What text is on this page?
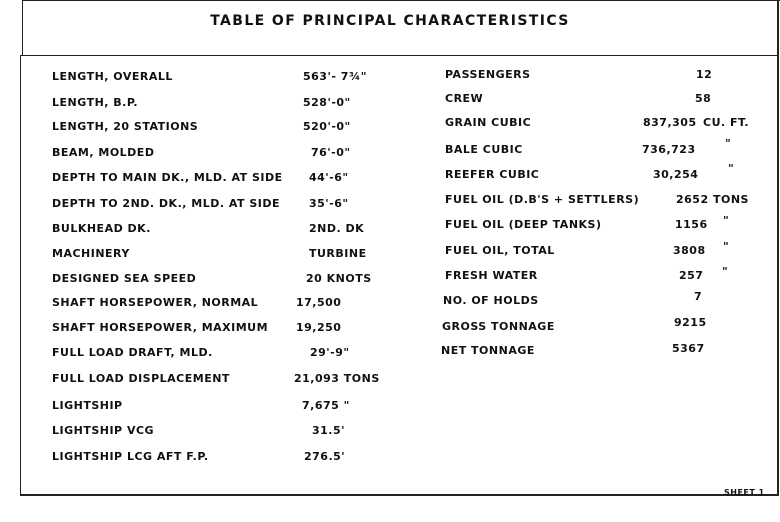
TABLE OF PRINCIPAL CHARACTERISTICS
LENGTH, OVERALL	563'- 7¾"
LENGTH, B.P.	528'-0"
LENGTH, 20 STATIONS	520'-0"
BEAM, MOLDED	76'-0"
DEPTH TO MAIN DK., MLD. AT SIDE 44'-6"
DEPTH TO 2ND. DK., MLD. AT SIDE	35'-6"
BULKHEAD DK.	2ND. DK
MACHINERY	TURBINE
DESIGNED SEA SPEED	20 KNOTS
SHAFT HORSEPOWER, NORMAL	17,500
SHAFT HORSEPOWER, MAXIMUM	19,250
FULL LOAD DRAFT, MLD.	29'-9"
FULL LOAD DISPLACEMENT	21,093 TONS
LIGHTSHIP	7,675 "
LIGHTSHIP VCG	31.5'
LIGHTSHIP LCG AFT F.P.	276.5'
PASSENGERS	12
CREW	58
GRAIN CUBIC	837,305 CU. FT.
BALE CUBIC	736,723	"
REEFER CUBIC	30,254	"
FUEL OIL (D.B'S + SETTLERS)	2652 TONS
FUEL OIL (DEEP TANKS)	1156 "
FUEL OIL, TOTAL	3808 "
FRESH WATER	257 "
NO. OF HOLDS	7
GROSS TONNAGE	9215
NET TONNAGE	5367
SHEET 1
